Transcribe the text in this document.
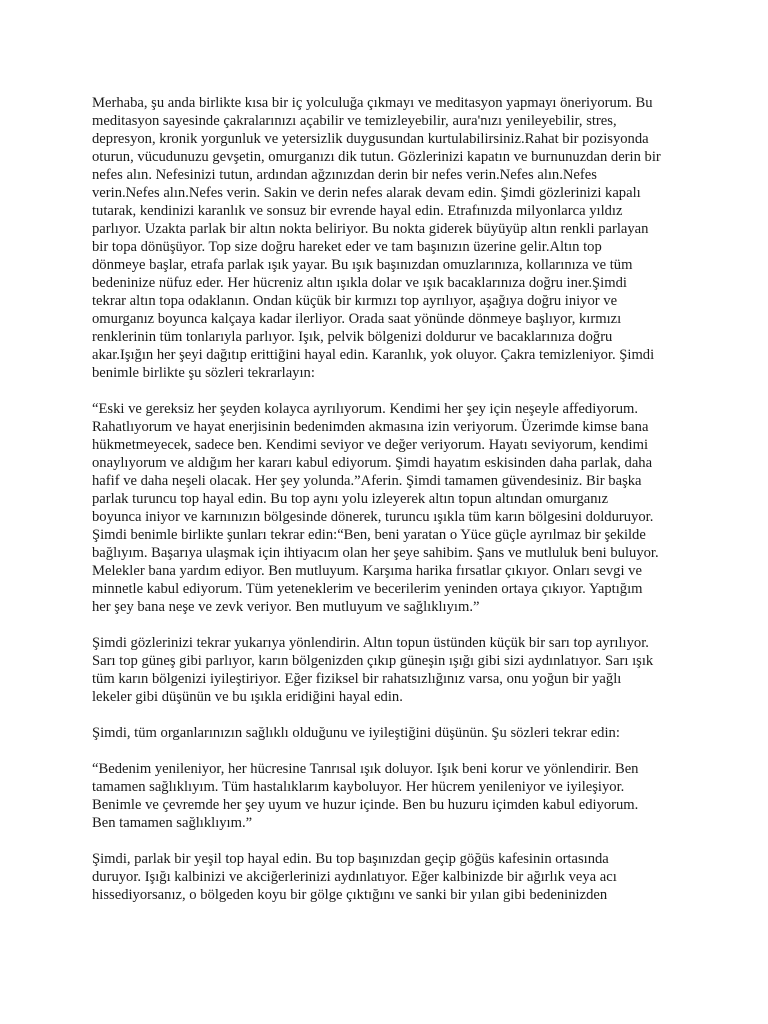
Merhaba, şu anda birlikte kısa bir iç yolculuğa çıkmayı ve meditasyon yapmayı öneriyorum. Bu
meditasyon sayesinde çakralarınızı açabilir ve temizleyebilir, aura'nızı yenileyebilir, stres,
depresyon, kronik yorgunluk ve yetersizlik duygusundan kurtulabilirsiniz.Rahat bir pozisyonda
oturun, vücudunuzu gevşetin, omurganızı dik tutun. Gözlerinizi kapatın ve burnunuzdan derin bir
nefes alın. Nefesinizi tutun, ardından ağzınızdan derin bir nefes verin.Nefes alın.Nefes
verin.Nefes alın.Nefes verin. Sakin ve derin nefes alarak devam edin. Şimdi gözlerinizi kapalı
tutarak, kendinizi karanlık ve sonsuz bir evrende hayal edin. Etrafınızda milyonlarca yıldız
parlıyor. Uzakta parlak bir altın nokta beliriyor. Bu nokta giderek büyüyüp altın renkli parlayan
bir topa dönüşüyor. Top size doğru hareket eder ve tam başınızın üzerine gelir.Altın top
dönmeye başlar, etrafa parlak ışık yayar. Bu ışık başınızdan omuzlarınıza, kollarınıza ve tüm
bedeninize nüfuz eder. Her hücreniz altın ışıkla dolar ve ışık bacaklarınıza doğru iner.Şimdi
tekrar altın topa odaklanın. Ondan küçük bir kırmızı top ayrılıyor, aşağıya doğru iniyor ve
omurganız boyunca kalçaya kadar ilerliyor. Orada saat yönünde dönmeye başlıyor, kırmızı
renklerinin tüm tonlarıyla parlıyor. Işık, pelvik bölgenizi doldurur ve bacaklarınıza doğru
akar.Işığın her şeyi dağıtıp erittiğini hayal edin. Karanlık, yok oluyor. Çakra temizleniyor. Şimdi
benimle birlikte şu sözleri tekrarlayın:

“Eski ve gereksiz her şeyden kolayca ayrılıyorum. Kendimi her şey için neşeyle affediyorum.
Rahatlıyorum ve hayat enerjisinin bedenimden akmasına izin veriyorum. Üzerimde kimse bana
hükmetmeyecek, sadece ben. Kendimi seviyor ve değer veriyorum. Hayatı seviyorum, kendimi
onaylıyorum ve aldığım her kararı kabul ediyorum. Şimdi hayatım eskisinden daha parlak, daha
hafif ve daha neşeli olacak. Her şey yolunda.”Aferin. Şimdi tamamen güvendesiniz. Bir başka
parlak turuncu top hayal edin. Bu top aynı yolu izleyerek altın topun altından omurganız
boyunca iniyor ve karnınızın bölgesinde dönerek, turuncu ışıkla tüm karın bölgesini dolduruyor.
Şimdi benimle birlikte şunları tekrar edin:“Ben, beni yaratan o Yüce güçle ayrılmaz bir şekilde
bağlıyım. Başarıya ulaşmak için ihtiyacım olan her şeye sahibim. Şans ve mutluluk beni buluyor.
Melekler bana yardım ediyor. Ben mutluyum. Karşıma harika fırsatlar çıkıyor. Onları sevgi ve
minnetle kabul ediyorum. Tüm yeteneklerim ve becerilerim yeninden ortaya çıkıyor. Yaptığım
her şey bana neşe ve zevk veriyor. Ben mutluyum ve sağlıklıyım.”

Şimdi gözlerinizi tekrar yukarıya yönlendirin. Altın topun üstünden küçük bir sarı top ayrılıyor.
Sarı top güneş gibi parlıyor, karın bölgenizden çıkıp güneşin ışığı gibi sizi aydınlatıyor. Sarı ışık
tüm karın bölgenizi iyileştiriyor. Eğer fiziksel bir rahatsızlığınız varsa, onu yoğun bir yağlı
lekeler gibi düşünün ve bu ışıkla eridiğini hayal edin.

Şimdi, tüm organlarınızın sağlıklı olduğunu ve iyileştiğini düşünün. Şu sözleri tekrar edin:

“Bedenim yenileniyor, her hücresine Tanrısal ışık doluyor. Işık beni korur ve yönlendirir. Ben
tamamen sağlıklıyım. Tüm hastalıklarım kayboluyor. Her hücrem yenileniyor ve iyileşiyor.
Benimle ve çevremde her şey uyum ve huzur içinde. Ben bu huzuru içimden kabul ediyorum.
Ben tamamen sağlıklıyım.”

Şimdi, parlak bir yeşil top hayal edin. Bu top başınızdan geçip göğüs kafesinin ortasında
duruyor. Işığı kalbinizi ve akciğerlerinizi aydınlatıyor. Eğer kalbinizde bir ağırlık veya acı
hissediyorsanız, o bölgeden koyu bir gölge çıktığını ve sanki bir yılan gibi bedeninizden
